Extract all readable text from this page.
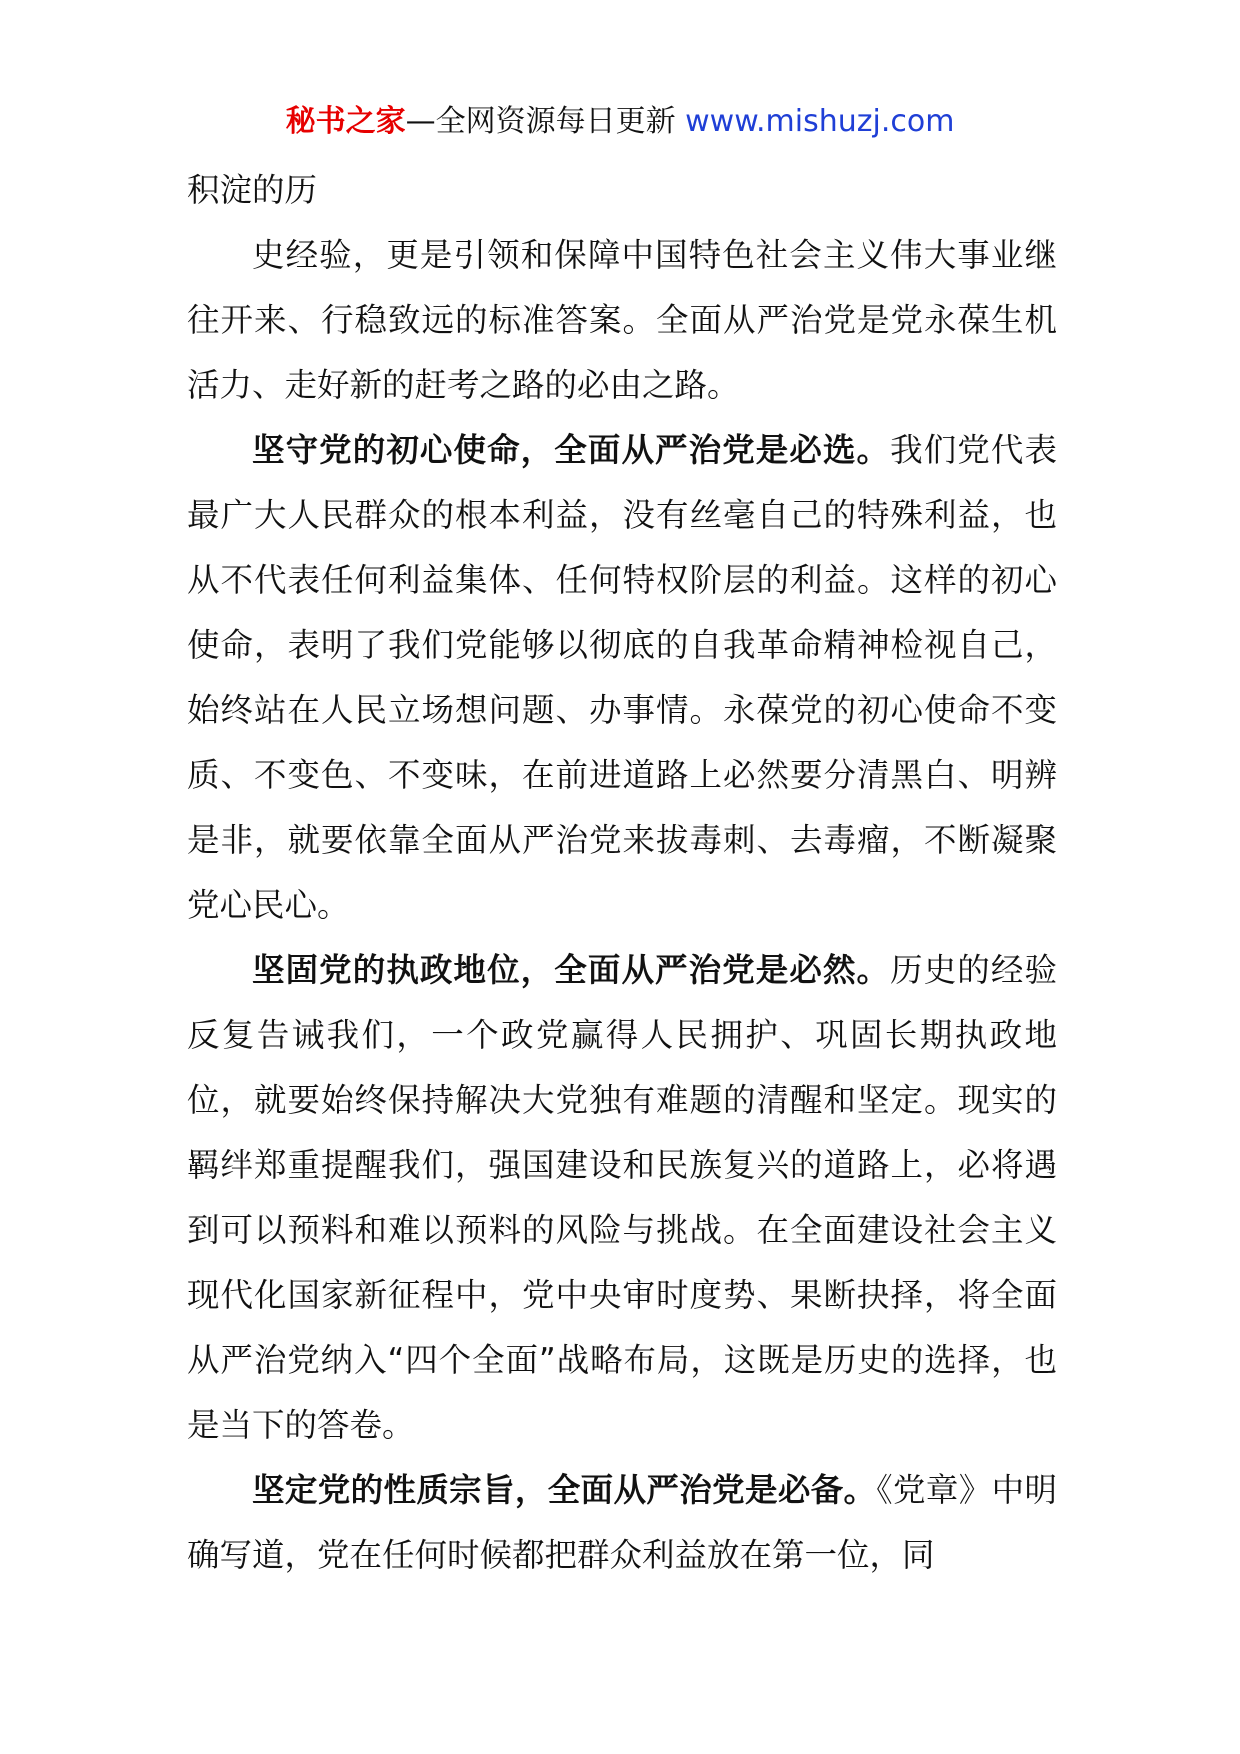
秘书之家—全网资源每日更新 www.mishuzj.com

积淀的历

史经验，更是引领和保障中国特色社会主义伟大事业继往开来、行稳致远的标准答案。全面从严治党是党永葆生机活力、走好新的赶考之路的必由之路。

坚守党的初心使命，全面从严治党是必选。我们党代表最广大人民群众的根本利益，没有丝毫自己的特殊利益，也从不代表任何利益集体、任何特权阶层的利益。这样的初心使命，表明了我们党能够以彻底的自我革命精神检视自己，始终站在人民立场想问题、办事情。永葆党的初心使命不变质、不变色、不变味，在前进道路上必然要分清黑白、明辨是非，就要依靠全面从严治党来拔毒刺、去毒瘤，不断凝聚党心民心。

坚固党的执政地位，全面从严治党是必然。历史的经验反复告诫我们，一个政党赢得人民拥护、巩固长期执政地位，就要始终保持解决大党独有难题的清醒和坚定。现实的羁绊郑重提醒我们，强国建设和民族复兴的道路上，必将遇到可以预料和难以预料的风险与挑战。在全面建设社会主义现代化国家新征程中，党中央审时度势、果断抉择，将全面从严治党纳入“四个全面”战略布局，这既是历史的选择，也是当下的答卷。

坚定党的性质宗旨，全面从严治党是必备。《党章》中明确写道，党在任何时候都把群众利益放在第一位，同
